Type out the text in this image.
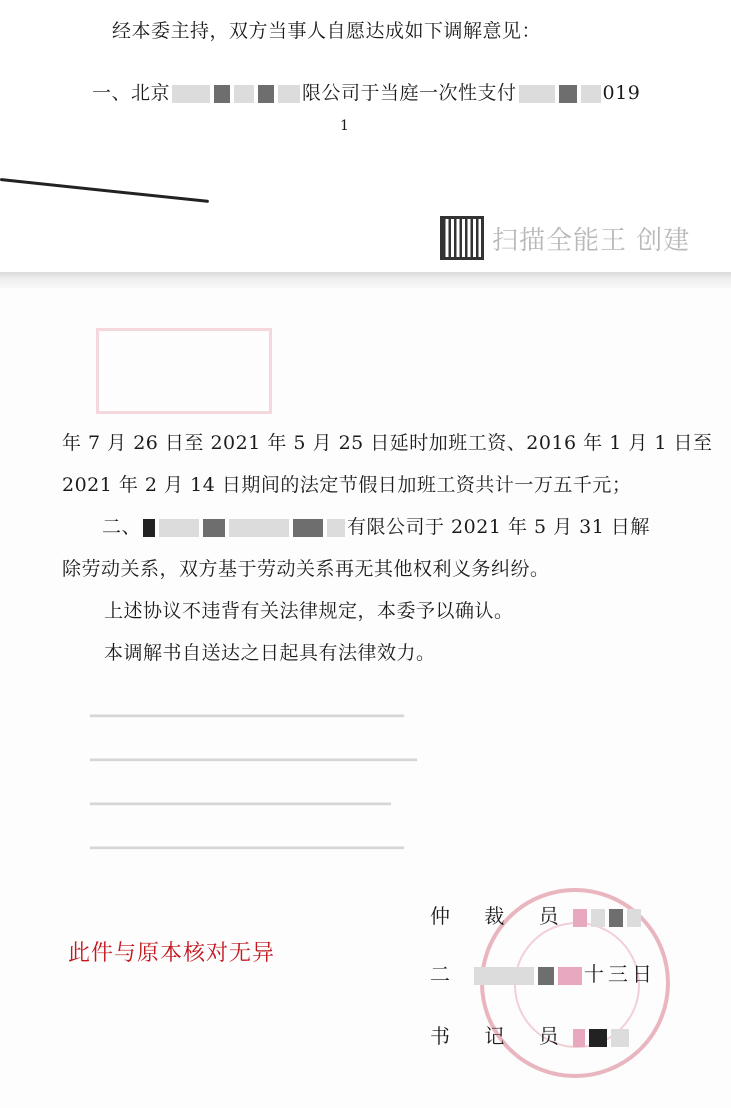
经本委主持，双方当事人自愿达成如下调解意见：
一、北京	限公司于当庭一次性支付	019
1
扫描全能王 创建
年 7 月 26 日至 2021 年 5 月 25 日延时加班工资、2016 年 1 月 1 日至
2021 年 2 月 14 日期间的法定节假日加班工资共计一万五千元；
二、	有限公司于 2021 年 5 月 31 日解
除劳动关系，双方基于劳动关系再无其他权利义务纠纷。
上述协议不违背有关法律规定，本委予以确认。
本调解书自送达之日起具有法律效力。
▁▁▁▁▁▁▁▁▁▁▁▁▁▁▁▁▁▁▁▁▁▁▁▁
▁▁▁▁▁▁▁▁▁▁▁▁▁▁▁▁▁▁▁▁▁▁▁▁▁
▁▁▁▁▁▁▁▁▁▁▁▁▁▁▁▁▁▁▁▁▁▁▁
▁▁▁▁▁▁▁▁▁▁▁▁▁▁▁▁▁▁▁▁▁▁▁▁
此件与原本核对无异
仲 裁 员
二	十三日
书 记 员
